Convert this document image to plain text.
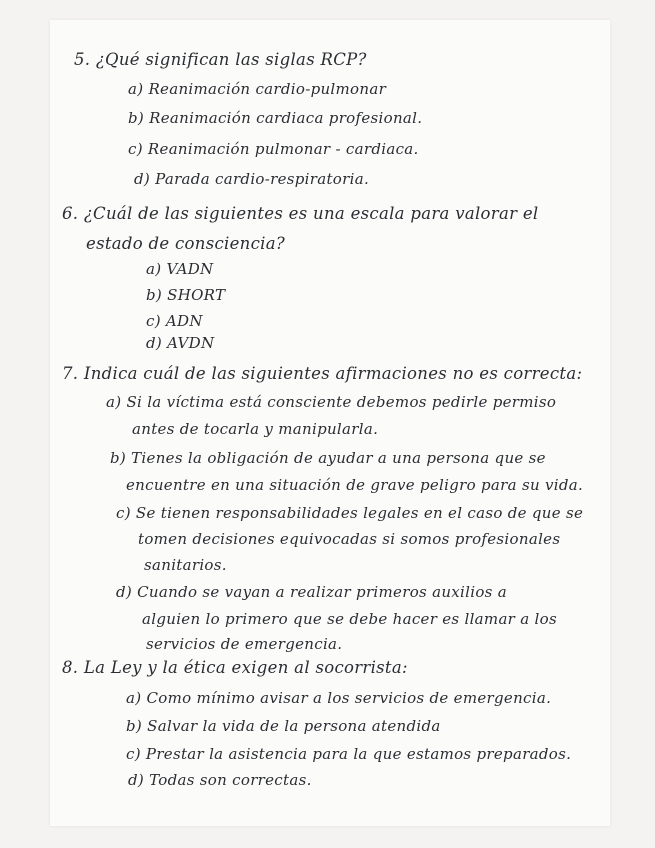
5. ¿Qué significan las siglas RCP?
a) Reanimación cardio-pulmonar
b) Reanimación cardiaca profesional.
c) Reanimación pulmonar - cardiaca.
d) Parada cardio-respiratoria.
6. ¿Cuál de las siguientes es una escala para valorar el
estado de consciencia?
a) VADN
b) SHORT
c) ADN
d) AVDN
7. Indica cuál de las siguientes afirmaciones no es correcta:
a) Si la víctima está consciente debemos pedirle permiso
antes de tocarla y manipularla.
b) Tienes la obligación de ayudar a una persona que se
encuentre en una situación de grave peligro para su vida.
c) Se tienen responsabilidades legales en el caso de que se
tomen decisiones equivocadas si somos profesionales
sanitarios.
d) Cuando se vayan a realizar primeros auxilios a
alguien lo primero que se debe hacer es llamar a los
servicios de emergencia.
8. La Ley y la ética exigen al socorrista:
a) Como mínimo avisar a los servicios de emergencia.
b) Salvar la vida de la persona atendida
c) Prestar la asistencia para la que estamos preparados.
d) Todas son correctas.
